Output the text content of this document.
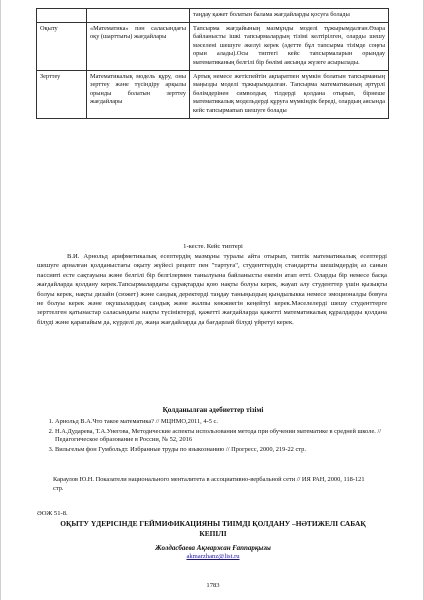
		таңдау қажет болатын балама жағдайларды қосуға болады
Оқыту	«Математика» пән саласындағы оқу (шарттығы) жағдайлары	Тапсырма жағдайының мазмұнды моделі тұжырымдалған.Өзара байланысты ішкі тапсырмалардың тізімі келтірілген, оларды шешу мәселені шешуге әкелуі керек (әдетте бұл тапсырма тізімде соңғы орын алады).Осы типтегі кейс тапсырмаларын орындау математиканың белгілі бір бөлімі аясында жүзеге асырылады.
Зерттеу	Математикалық модель құру, оны зерттеу және түсіндіру арқылы орынды болатын зерттеу жағдайлары	Артық немесе жетіспейтін ақпаратпен мүмкін болатын тапсырманың маңызды моделі тұжырымдалған. Тапсырма математиканың әртүрлі бөлімдерінен символдық тілдерді қолдана отырып, бірнеше математикалық модельдерді құруға мүмкіндік береді, олардың аясында кейс тапсырмаman шешуге болады
1-кесте. Кейс типтері

В.И. Арнольд арифметикалық есептердің мазмұны туралы айта отырып, типтік математикалық есептерді шешуге арналған қолданыстағы оқыту жүйесі рецепт пен "тартуға", студенттердің стандартты шешімдердің аз санын пассивті есте сақтауына және белгілі бір белгілермен танылуына байланысты екенін атап өтті. Оларды бір немесе басқа жағдайларда қолдану керек.Тапсырмалардағы сұрақтарды қою нақты болуы керек, жауап алу студенттер үшін қызықты болуы керек, нақты дизайн (сюжет) және сандық деректерді таңдау таныңыздың қындылыкка немесе эмоционалды бовуға не болуы керек және оқушылардың сандық және жалпы көкжиегін кеңейтуі керек.Мәселелерді шешу студенттерге зерттелген қатынастар саласындағы нақты түсініктерді, қажетті жағдайларда қажетті математикалық құралдарды қолдана білуді және қарапайым да, күрделі де, жаңа жағдайларда да бағдарлай білуді үйретуі керек.

Қолданылған әдебиеттер тізімі
1. Арнольд В.А.Что такое математика? // МЦНМО,2011, 4-5 с.
2. Н.А.Дударева, Т.А.Унегова, Методические аспекты использования метода при обучении математике в средней школе. //Педагогическое образование в России, № 52, 2016
3. Вильгельм фон Гумбольдт. Избранные труды по языкознанию // Прогресс, 2000, 219-22 стр.

Караулов Ю.Н. Показатели национального менталитета в ассоциативно-вербальной сети // ИЯ РАН, 2000, 118-121 стр.

ӘОЖ 51-8.
ОҚЫТУ ҮДЕРІСІНДЕ ГЕЙМИФИКАЦИЯНЫ ТИІМДІ ҚОЛДАНУ –НӘТИЖЕЛІ САБАҚ КЕПІЛІ
Жолдасбаева Ақмаржан Ғаппарқызы
akmarzhanz@list.ru
1783
